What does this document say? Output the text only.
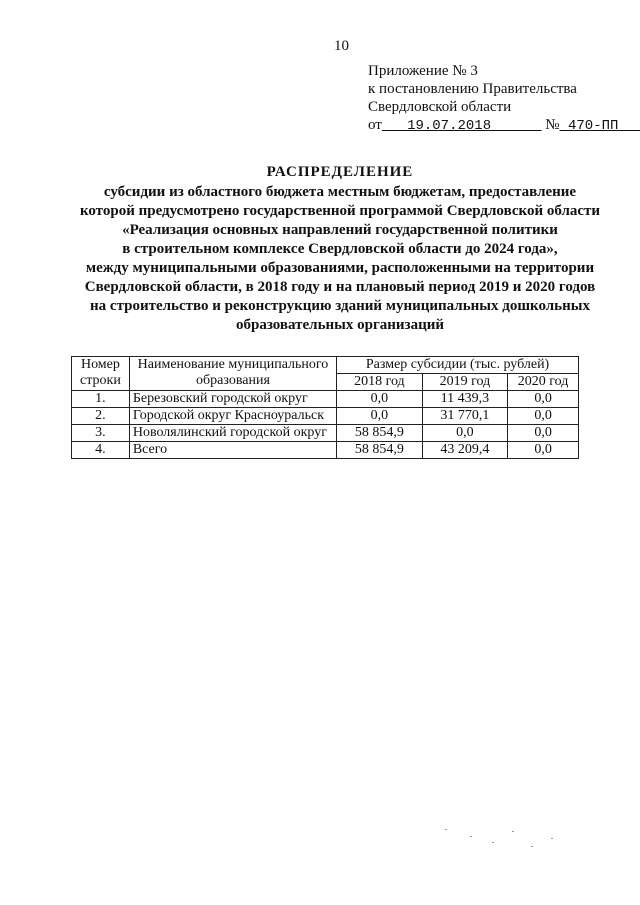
10
Приложение № 3
к постановлению Правительства
Свердловской области
от 19.07.2018	№ 470-ПП
РАСПРЕДЕЛЕНИЕ
субсидии из областного бюджета местным бюджетам, предоставление
которой предусмотрено государственной программой Свердловской области
«Реализация основных направлений государственной политики
в строительном комплексе Свердловской области до 2024 года»,
между муниципальными образованиями, расположенными на территории
Свердловской области, в 2018 году и на плановый период 2019 и 2020 годов
на строительство и реконструкцию зданий муниципальных дошкольных
образовательных организаций
Номер строки	Наименование муниципального образования	Размер субсидии (тыс. рублей)		
		2018 год	2019 год	2020 год
1.	Березовский городской округ	0,0	11 439,3	0,0
2.	Городской округ Красноуральск	0,0	31 770,1	0,0
3.	Новолялинский городской округ	58 854,9	0,0	0,0
4.	Всего	58 854,9	43 209,4	0,0
